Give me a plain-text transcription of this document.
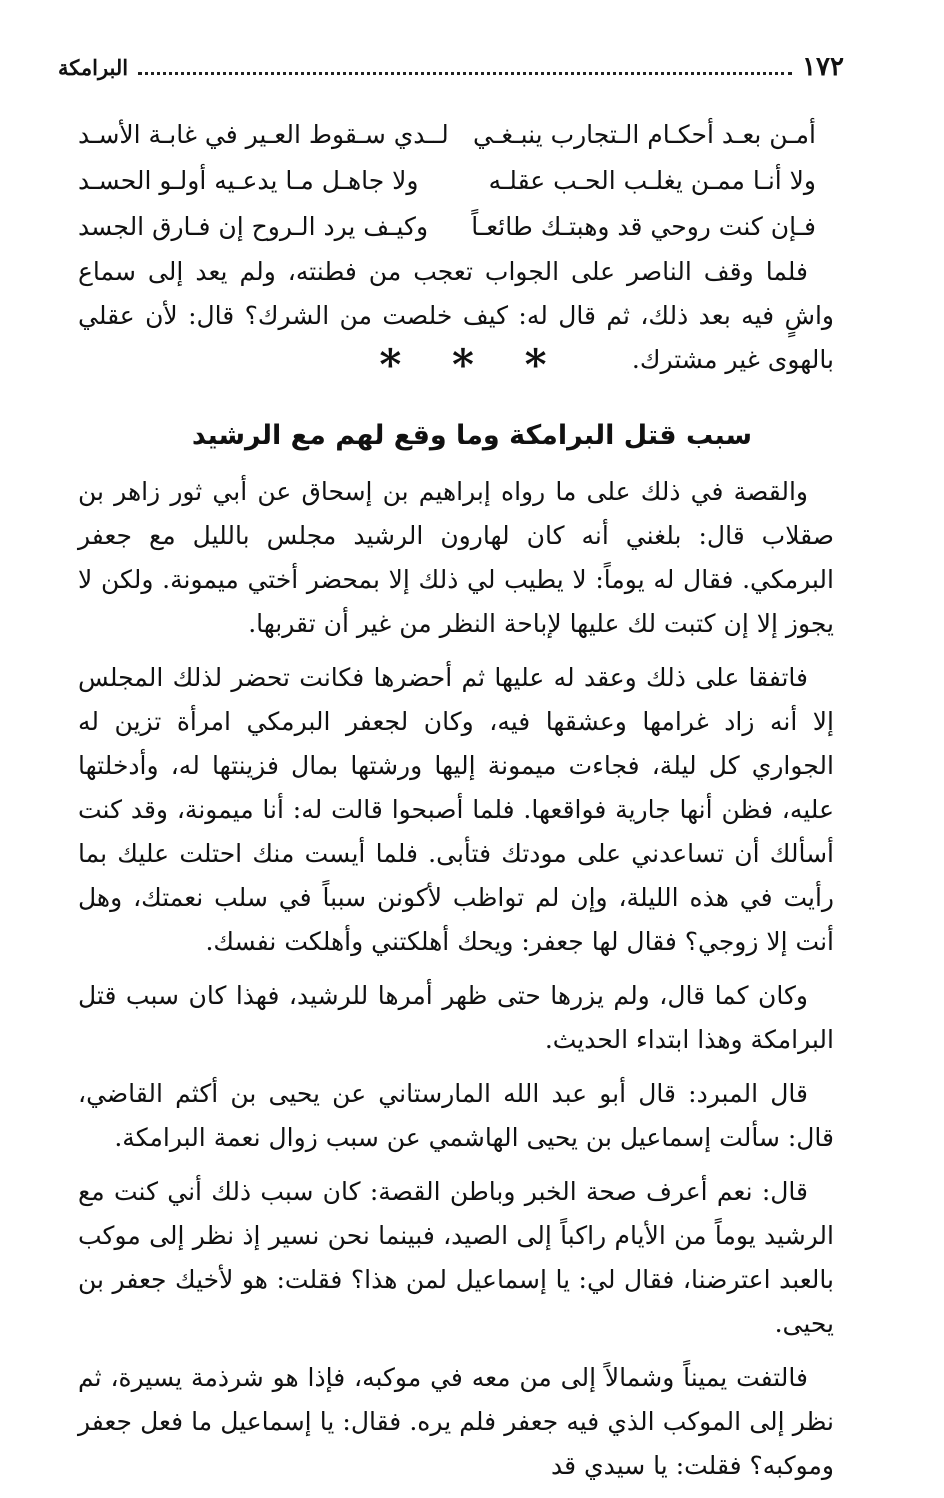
١٧٢
البرامكة
أمـن بعـد أحكـام الـتجارب ينبـغـي
لــدي سـقوط العـير في غابـة الأسـد
ولا أنـا ممـن يغلـب الحـب عقلـه
ولا جاهـل مـا يدعـيه أولـو الحسـد
فـإن كنت روحي قد وهبتـك طائعـاً
وكيـف يرد الـروح إن فـارق الجسد

فلما وقف الناصر على الجواب تعجب من فطنته، ولم يعد إلى سماع واشٍ فيه بعد ذلك، ثم قال له: كيف خلصت من الشرك؟ قال: لأن عقلي بالهوى غير مشترك.

* * *
سبب قتل البرامكة وما وقع لهم مع الرشيد

والقصة في ذلك على ما رواه إبراهيم بن إسحاق عن أبي ثور زاهر بن صقلاب قال: بلغني أنه كان لهارون الرشيد مجلس بالليل مع جعفر البرمكي. فقال له يوماً: لا يطيب لي ذلك إلا بمحضر أختي ميمونة. ولكن لا يجوز إلا إن كتبت لك عليها لإباحة النظر من غير أن تقربها.

فاتفقا على ذلك وعقد له عليها ثم أحضرها فكانت تحضر لذلك المجلس إلا أنه زاد غرامها وعشقها فيه، وكان لجعفر البرمكي امرأة تزين له الجواري كل ليلة، فجاءت ميمونة إليها ورشتها بمال فزينتها له، وأدخلتها عليه، فظن أنها جارية فواقعها. فلما أصبحوا قالت له: أنا ميمونة، وقد كنت أسألك أن تساعدني على مودتك فتأبى. فلما أيست منك احتلت عليك بما رأيت في هذه الليلة، وإن لم تواظب لأكونن سبباً في سلب نعمتك، وهل أنت إلا زوجي؟ فقال لها جعفر: ويحك أهلكتني وأهلكت نفسك.

وكان كما قال، ولم يزرها حتى ظهر أمرها للرشيد، فهذا كان سبب قتل البرامكة وهذا ابتداء الحديث.

قال المبرد: قال أبو عبد الله المارستاني عن يحيى بن أكثم القاضي، قال: سألت إسماعيل بن يحيى الهاشمي عن سبب زوال نعمة البرامكة.

قال: نعم أعرف صحة الخبر وباطن القصة: كان سبب ذلك أني كنت مع الرشيد يوماً من الأيام راكباً إلى الصيد، فبينما نحن نسير إذ نظر إلى موكب بالعبد اعترضنا، فقال لي: يا إسماعيل لمن هذا؟ فقلت: هو لأخيك جعفر بن يحيى.

فالتفت يميناً وشمالاً إلى من معه في موكبه، فإذا هو شرذمة يسيرة، ثم نظر إلى الموكب الذي فيه جعفر فلم يره. فقال: يا إسماعيل ما فعل جعفر وموكبه؟ فقلت: يا سيدي قد
